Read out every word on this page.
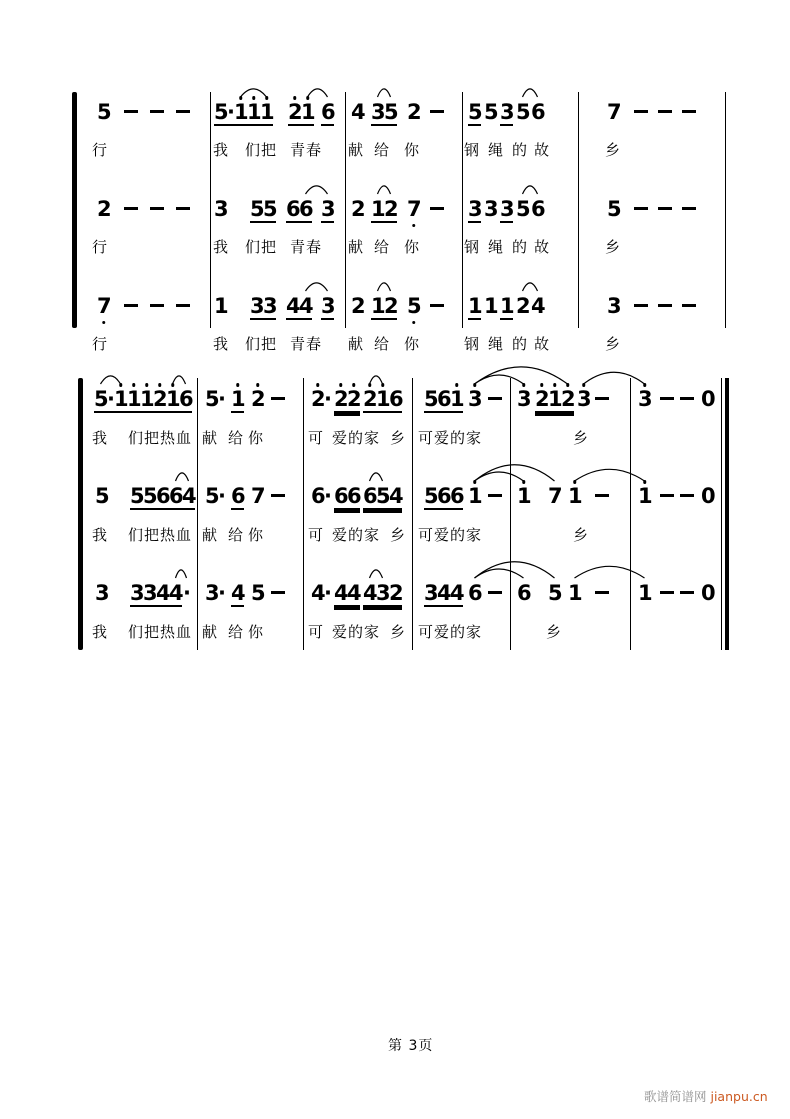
5
行
5
· 1
1
1 2
1 6
我 们把 青春
4 3
5 2
献 给 你
5 5 3 5 6
钢 绳 的 故
7
乡
2
行
3 5
5 6
6 3
我 们把 青春
2 1
2 7
献 给 你
3 3 3 5 6
钢 绳 的 故
5
乡
7
行
1 3
3 4
4 3
我 们把 青春
2 1
2 5
献 给 你
1 1 1 2 4
钢 绳 的 故
3
乡
5
· 1
1
1
2
1
6
我 们把热血
5
· 1 2
献 给 你
2
· 2
2 2
1
6
可 爱的 家 乡
5
6
1 3
可爱的 家
3 2
1
2 3
乡
3 0
5 5
5
6
6
4
我 们把热血
5
· 6 7
献 给 你
6
· 6
6 6
5
4
可 爱的 家 乡
5
6
6 1
可爱的 家
1 7 1
乡
1 0
3 3
3
4
4 ·
我 们把热血
3
· 4 5
献 给 你
4
· 4
4 4
3
2
可 爱的 家 乡
3
4
4 6
可爱的 家
6 5 1
乡
1 0
第 3页
歌谱简谱网 jianpu.cn
